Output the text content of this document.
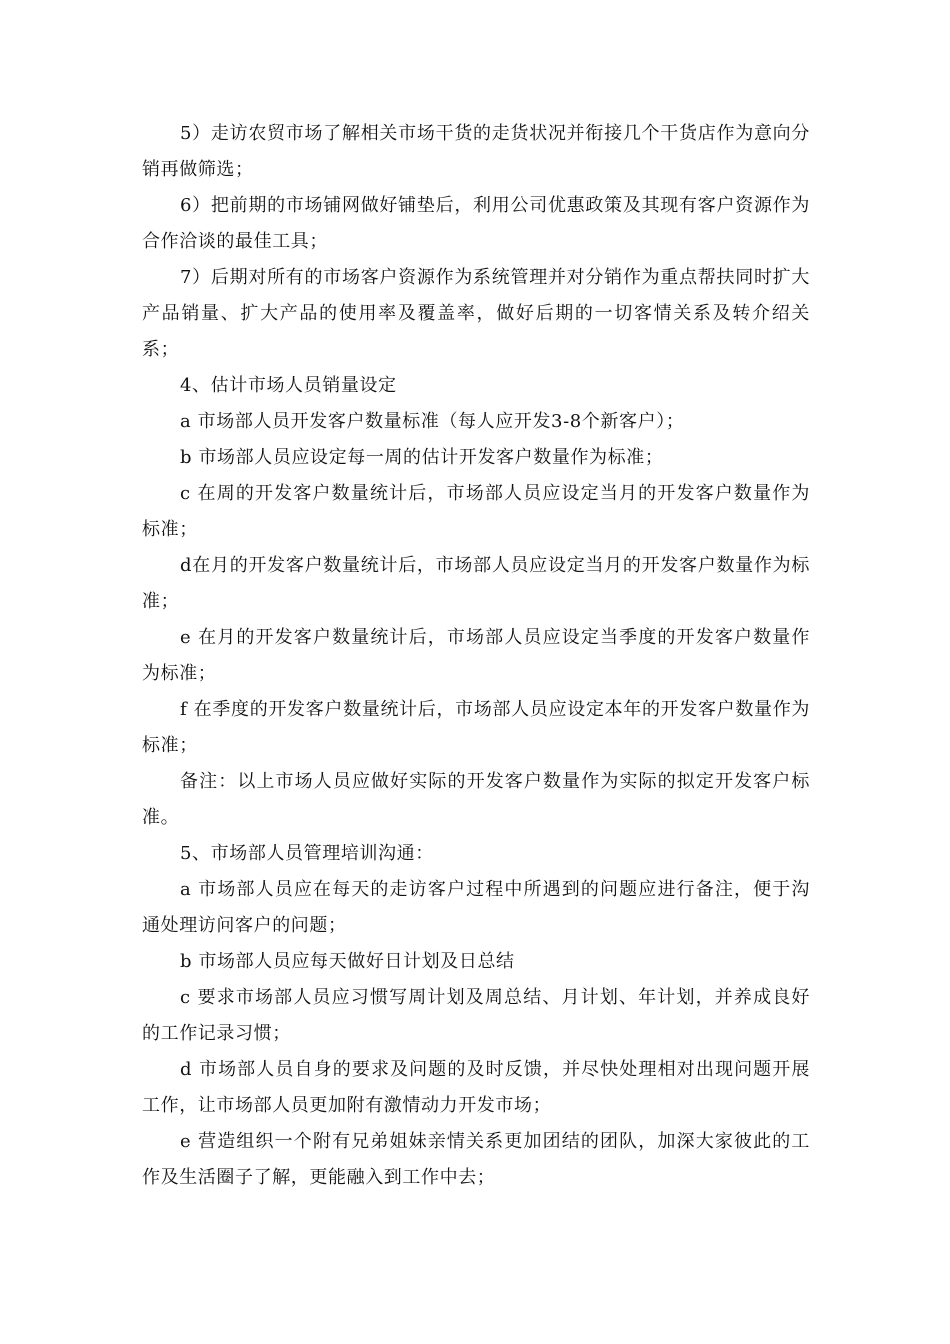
5）走访农贸市场了解相关市场干货的走货状况并衔接几个干货店作为意向分销再做筛选；

6）把前期的市场铺网做好铺垫后，利用公司优惠政策及其现有客户资源作为合作洽谈的最佳工具；

7）后期对所有的市场客户资源作为系统管理并对分销作为重点帮扶同时扩大产品销量、扩大产品的使用率及覆盖率，做好后期的一切客情关系及转介绍关系；

4、估计市场人员销量设定

a 市场部人员开发客户数量标准（每人应开发3-8个新客户）；

b 市场部人员应设定每一周的估计开发客户数量作为标准；

c 在周的开发客户数量统计后，市场部人员应设定当月的开发客户数量作为标准；

d在月的开发客户数量统计后，市场部人员应设定当月的开发客户数量作为标准；

e 在月的开发客户数量统计后，市场部人员应设定当季度的开发客户数量作为标准；

f 在季度的开发客户数量统计后，市场部人员应设定本年的开发客户数量作为标准；

备注：以上市场人员应做好实际的开发客户数量作为实际的拟定开发客户标准。

5、市场部人员管理培训沟通：

a 市场部人员应在每天的走访客户过程中所遇到的问题应进行备注，便于沟通处理访问客户的问题；

b 市场部人员应每天做好日计划及日总结

c 要求市场部人员应习惯写周计划及周总结、月计划、年计划，并养成良好的工作记录习惯；

d 市场部人员自身的要求及问题的及时反馈，并尽快处理相对出现问题开展工作，让市场部人员更加附有激情动力开发市场；

e 营造组织一个附有兄弟姐妹亲情关系更加团结的团队，加深大家彼此的工作及生活圈子了解，更能融入到工作中去；
